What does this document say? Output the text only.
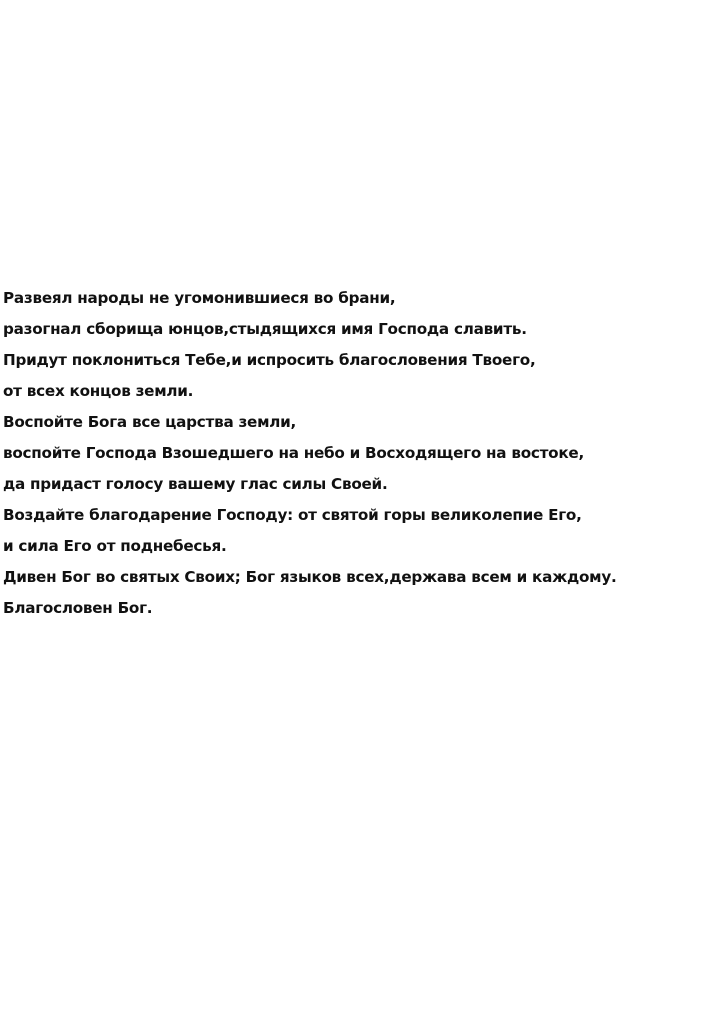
Развеял народы не угомонившиеся во брани,
разогнал сборища юнцов,стыдящихся имя Господа славить.
Придут поклониться Тебе,и испросить благословения Твоего,
от всех концов земли.
Воспойте Бога все царства земли,
воспойте Господа Взошедшего на небо и Восходящего на востоке,
да придаст голосу вашему глас силы Своей.
Воздайте благодарение Господу: от святой горы великолепие Его,
и сила Его от поднебесья.
Дивен Бог во святых Своих; Бог языков всех,держава всем и каждому.
Благословен Бог.
